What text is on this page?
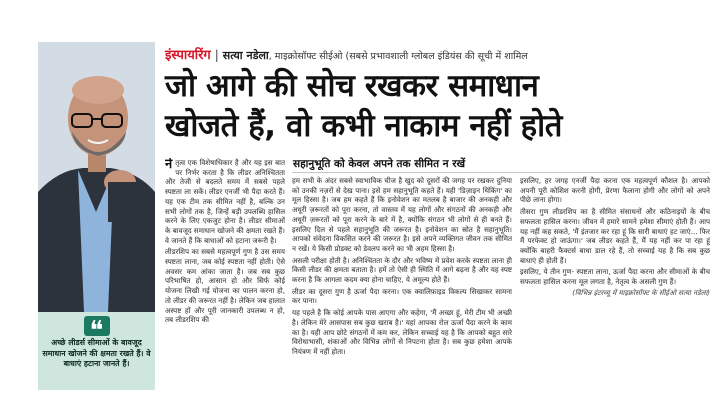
❝
अच्छे लीडर्स सीमाओं के बावजूद समाधान खोजने की क्षमता रखते हैं। वे बाधाएं हटाना जानते हैं।
इंस्पायरिंग | सत्या नडेला, माइक्रोसॉफ्ट सीईओ (सबसे प्रभावशाली ग्लोबल इंडियंस की सूची में शामिल
जो आगे की सोच रखकर समाधान
खोजते हैं, वो कभी नाकाम नहीं होते

नेतृत्व एक विशेषाधिकार है और यह इस बात पर निर्भर करता है कि लीडर अनिश्चितता और तेजी से बदलते समय में सबसे पहले स्पष्टता ला सकें। लीडर एनर्जी भी पैदा करते हैं। यह एक टीम तक सीमित नहीं है, बल्कि उन सभी लोगों तक है, जिन्हें बड़ी उपलब्धि हासिल करने के लिए एकजुट होना है। लीडर सीमाओं के बावजूद समाधान खोजने की क्षमता रखते हैं। वे जानते हैं कि बाधाओं को हटाना जरूरी है।

लीडरशिप का सबसे महत्वपूर्ण गुण है उस समय स्पष्टता लाना, जब कोई स्पष्टता नहीं होती। ऐसे अवसर कम आंका जाता है। जब सब कुछ परिभाषित हो, आसान हो और सिर्फ कोई योजना लिखी गई योजना का पालन करना हो, तो लीडर की जरूरत नहीं है। लेकिन जब हालात अस्पष्ट हों और पूरी जानकारी उपलब्ध न हो, तब लीडरशिप की

सहानुभूति को केवल अपने तक सीमित न रखें

हम सभी के अंदर सबसे स्वाभाविक चीज है खुद को दूसरों की जगह पर रखकर दुनिया को उनकी नज़रों से देख पाना। इसे हम सहानुभूति कहते हैं। यही 'डिज़ाइन थिंकिंग' का मूल हिस्सा है। जब हम कहते हैं कि इनोवेशन का मतलब है बाजार की अनकही और अधूरी ज़रूरतों को पूरा करना, तो वास्तव में यह लोगों और संगठनों की अनकही और अधूरी ज़रूरतों को पूरा करने के बारे में है, क्योंकि संगठन भी लोगों से ही बनते हैं। इसलिए दिल से पहले सहानुभूति की जरूरत है। इनोवेशन का स्रोत है सहानुभूति। आपको संवेदना विकसित करने की जरूरत है। इसे अपने व्यक्तिगत जीवन तक सीमित न रखें। ये किसी प्रोडक्ट को डेवलप करने का भी अहम हिस्सा है।

असली परीक्षा होती है। अनिश्चितता के दौर और भविष्य में प्रवेश करके स्पष्टता लाना ही किसी लीडर की क्षमता बताता है। हमें तो ऐसी ही स्थिति में आगे बढ़ना है और यह स्पष्ट करना है कि आगला कदम क्या होना चाहिए, ये अमूल्य होते हैं।

लीडर का दूसरा गुण है ऊर्जा पैदा करना। एक क्वालिफ़ाइड विकल्प सिखाकर सामना कर पाना।

यह पहले है कि कोई आपके पास आएगा और कहेगा, 'मैं अच्छा हूं, मेरी टीम भी अच्छी है। लेकिन मेरे आसपास सब कुछ खराब है।' यहां आपका रोल ऊर्जा पैदा करने के काम का है। यही आप छोटे संगठनों में कम कर, लेकिन सच्चाई यह है कि आपको बहुत सारे विरोधाभासी, शंकाओं और विभिन्न लोगों से निपटना होता है। सब कुछ हमेशा आपके नियंत्रण में नहीं होता।

इसलिए, हर जगह एनर्जी पैदा करना एक महत्वपूर्ण कौशल है। आपको अपनी पूरी कोशिश करनी होगी, प्रेरणा फैलाना होगी और लोगों को अपने पीछे लाना होगा।

तीसरा गुण लीडरशिप का है सीमित संसाधनों और कठिनाइयों के बीच सफलता हासिल करना। जीवन में हमारे सामने हमेशा सीमाएं होती हैं। आप यह नहीं कह सकते, 'मैं इंतजार कर रहा हूं कि सारी बाधाएं हट जाएं... फिर मैं परफेक्ट हो जाऊंगा।' जब लीडर कहते हैं, मैं यह नहीं कर पा रहा हूं क्योंकि बाहरी फैक्टर्स बाधा डाल रहे हैं, तो सच्चाई यह है कि सब कुछ बाधाएं ही होती हैं।

इसलिए, ये तीन गुण- स्पष्टता लाना, ऊर्जा पैदा करना और सीमाओं के बीच सफलता हासिल करना मूल लगता है, नेतृत्व के असली गुण हैं।

(विभिन्न इंटरव्यू में माइक्रोसॉफ्ट के सीईओ सत्या नडेला)
